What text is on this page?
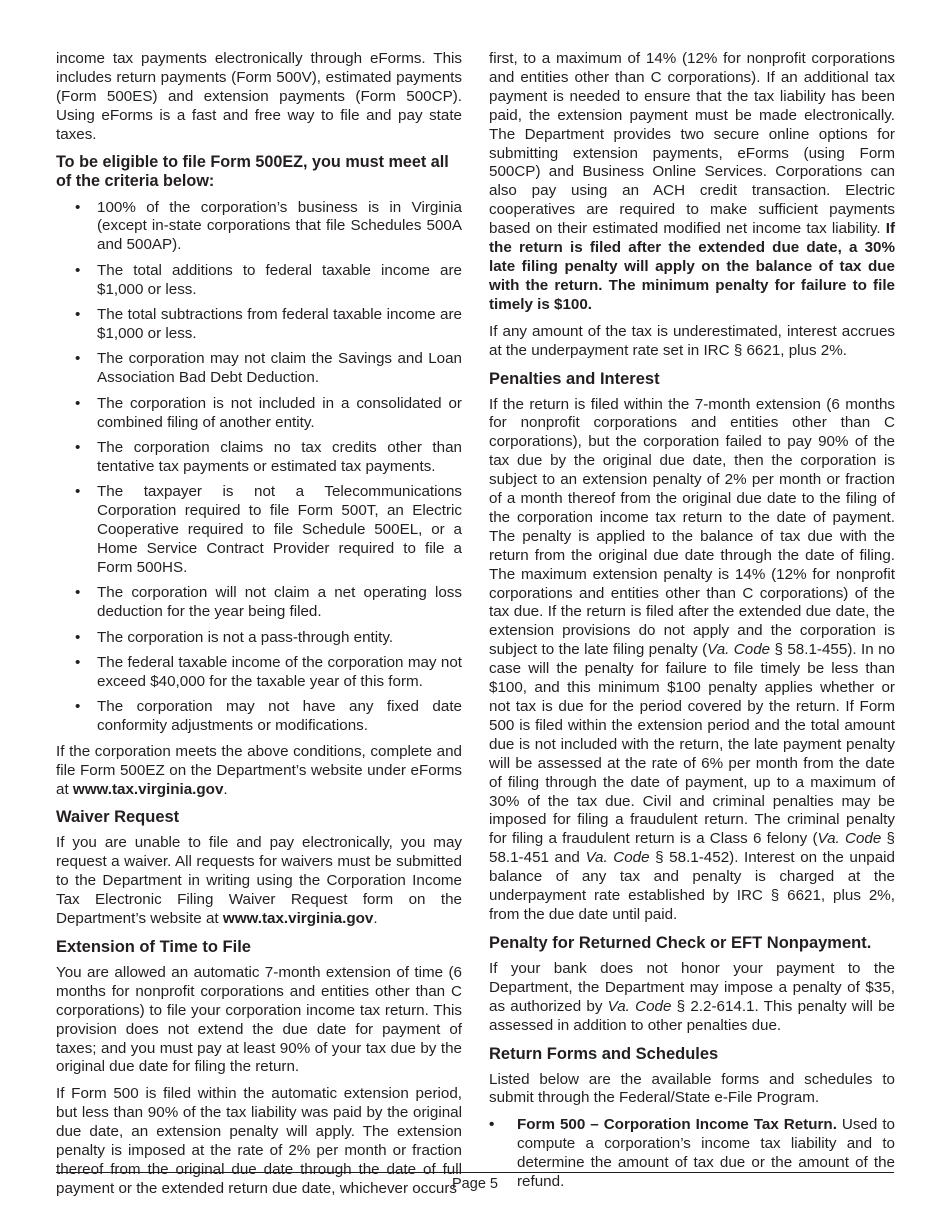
income tax payments electronically through eForms. This includes return payments (Form 500V), estimated payments (Form 500ES) and extension payments (Form 500CP). Using eForms is a fast and free way to file and pay state taxes.

To be eligible to file Form 500EZ, you must meet all of the criteria below:

• 100% of the corporation’s business is in Virginia (except in-state corporations that file Schedules 500A and 500AP).
• The total additions to federal taxable income are $1,000 or less.
• The total subtractions from federal taxable income are $1,000 or less.
• The corporation may not claim the Savings and Loan Association Bad Debt Deduction.
• The corporation is not included in a consolidated or combined filing of another entity.
• The corporation claims no tax credits other than tentative tax payments or estimated tax payments.
• The taxpayer is not a Telecommunications Corporation required to file Form 500T, an Electric Cooperative required to file Schedule 500EL, or a Home Service Contract Provider required to file a Form 500HS.
• The corporation will not claim a net operating loss deduction for the year being filed.
• The corporation is not a pass-through entity.
• The federal taxable income of the corporation may not exceed $40,000 for the taxable year of this form.
• The corporation may not have any fixed date conformity adjustments or modifications.

If the corporation meets the above conditions, complete and file Form 500EZ on the Department’s website under eForms at www.tax.virginia.gov.

Waiver Request

If you are unable to file and pay electronically, you may request a waiver. All requests for waivers must be submitted to the Department in writing using the Corporation Income Tax Electronic Filing Waiver Request form on the Department’s website at www.tax.virginia.gov.

Extension of Time to File

You are allowed an automatic 7-month extension of time (6 months for nonprofit corporations and entities other than C corporations) to file your corporation income tax return. This provision does not extend the due date for payment of taxes; and you must pay at least 90% of your tax due by the original due date for filing the return.

If Form 500 is filed within the automatic extension period, but less than 90% of the tax liability was paid by the original due date, an extension penalty will apply. The extension penalty is imposed at the rate of 2% per month or fraction thereof from the original due date through the date of full payment or the extended return due date, whichever occurs

first, to a maximum of 14% (12% for nonprofit corporations and entities other than C corporations). If an additional tax payment is needed to ensure that the tax liability has been paid, the extension payment must be made electronically. The Department provides two secure online options for submitting extension payments, eForms (using Form 500CP) and Business Online Services. Corporations can also pay using an ACH credit transaction. Electric cooperatives are required to make sufficient payments based on their estimated modified net income tax liability. If the return is filed after the extended due date, a 30% late filing penalty will apply on the balance of tax due with the return. The minimum penalty for failure to file timely is $100.

If any amount of the tax is underestimated, interest accrues at the underpayment rate set in IRC § 6621, plus 2%.

Penalties and Interest

If the return is filed within the 7-month extension (6 months for nonprofit corporations and entities other than C corporations), but the corporation failed to pay 90% of the tax due by the original due date, then the corporation is subject to an extension penalty of 2% per month or fraction of a month thereof from the original due date to the filing of the corporation income tax return to the date of payment. The penalty is applied to the balance of tax due with the return from the original due date through the date of filing. The maximum extension penalty is 14% (12% for nonprofit corporations and entities other than C corporations) of the tax due. If the return is filed after the extended due date, the extension provisions do not apply and the corporation is subject to the late filing penalty (Va. Code § 58.1-455). In no case will the penalty for failure to file timely be less than $100, and this minimum $100 penalty applies whether or not tax is due for the period covered by the return. If Form 500 is filed within the extension period and the total amount due is not included with the return, the late payment penalty will be assessed at the rate of 6% per month from the date of filing through the date of payment, up to a maximum of 30% of the tax due. Civil and criminal penalties may be imposed for filing a fraudulent return. The criminal penalty for filing a fraudulent return is a Class 6 felony (Va. Code § 58.1-451 and Va. Code § 58.1-452). Interest on the unpaid balance of any tax and penalty is charged at the underpayment rate established by IRC § 6621, plus 2%, from the due date until paid.

Penalty for Returned Check or EFT Nonpayment.

If your bank does not honor your payment to the Department, the Department may impose a penalty of $35, as authorized by Va. Code § 2.2-614.1. This penalty will be assessed in addition to other penalties due.

Return Forms and Schedules

Listed below are the available forms and schedules to submit through the Federal/State e-File Program.

• Form 500 – Corporation Income Tax Return. Used to compute a corporation’s income tax liability and to determine the amount of tax due or the amount of the refund.
Page 5
